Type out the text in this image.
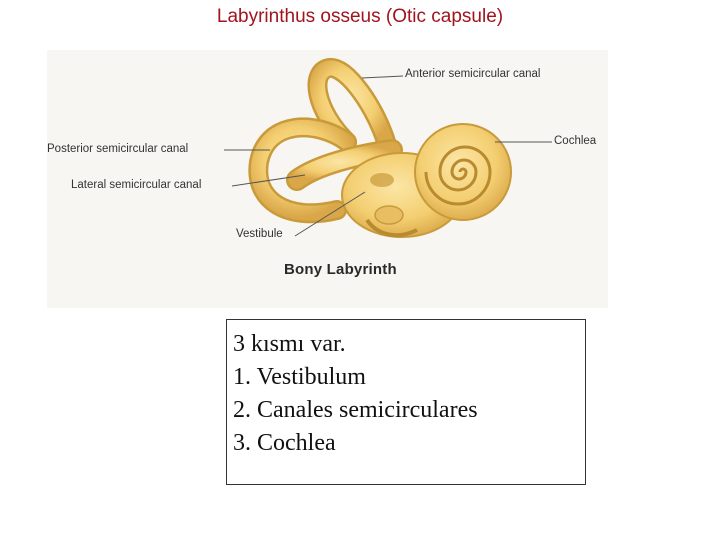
Labyrinthus osseus (Otic capsule)
Anterior semicircular canal
Cochlea
Posterior semicircular canal
Lateral semicircular canal
Vestibule
Bony Labyrinth
3 kısmı var.
1. Vestibulum
2. Canales semicirculares
3. Cochlea
